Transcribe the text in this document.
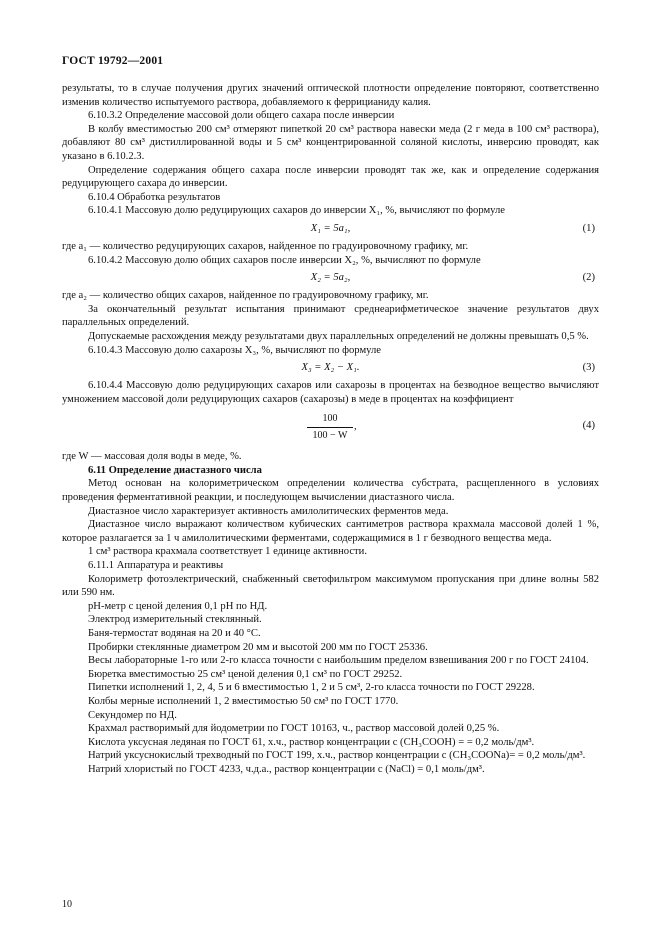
ГОСТ 19792—2001

результаты, то в случае получения других значений оптической плотности определение повторяют, соответственно изменив количество испытуемого раствора, добавляемого к феррицианиду калия.

6.10.3.2 Определение массовой доли общего сахара после инверсии

В колбу вместимостью 200 см³ отмеряют пипеткой 20 см³ раствора навески меда (2 г меда в 100 см³ раствора), добавляют 80 см³ дистиллированной воды и 5 см³ концентрированной соляной кислоты, инверсию проводят, как указано в 6.10.2.3.

Определение содержания общего сахара после инверсии проводят так же, как и определение содержания редуцирующего сахара до инверсии.

6.10.4 Обработка результатов

6.10.4.1 Массовую долю редуцирующих сахаров до инверсии X₁, %, вычисляют по формуле

X₁ = 5a₁,	(1)

где a₁ — количество редуцирующих сахаров, найденное по градуировочному графику, мг.

6.10.4.2 Массовую долю общих сахаров после инверсии X₂, %, вычисляют по формуле

X₂ = 5a₂,	(2)

где a₂ — количество общих сахаров, найденное по градуировочному графику, мг.

За окончательный результат испытания принимают среднеарифметическое значение результатов двух параллельных определений.

Допускаемые расхождения между результатами двух параллельных определений не должны превышать 0,5 %.

6.10.4.3 Массовую долю сахарозы X₃, %, вычисляют по формуле

X₃ = X₂ − X₁.	(3)

6.10.4.4 Массовую долю редуцирующих сахаров или сахарозы в процентах на безводное вещество вычисляют умножением массовой доли редуцирующих сахаров (сахарозы) в меде в процентах на коэффициент

$\frac{100}{100 - W}$ ,	(4)

где W — массовая доля воды в меде, %.

6.11 Определение диастазного числа

Метод основан на колориметрическом определении количества субстрата, расщепленного в условиях проведения ферментативной реакции, и последующем вычислении диастазного числа.

Диастазное число характеризует активность амилолитических ферментов меда.

Диастазное число выражают количеством кубических сантиметров раствора крахмала массовой долей 1 %, которое разлагается за 1 ч амилолитическими ферментами, содержащимися в 1 г безводного вещества меда.

1 см³ раствора крахмала соответствует 1 единице активности.

6.11.1 Аппаратура и реактивы

Колориметр фотоэлектрический, снабженный светофильтром максимумом пропускания при длине волны 582 или 590 нм.

pH-метр с ценой деления 0,1 pH по НД.

Электрод измерительный стеклянный.

Баня-термостат водяная на 20 и 40 °С.

Пробирки стеклянные диаметром 20 мм и высотой 200 мм по ГОСТ 25336.

Весы лабораторные 1-го или 2-го класса точности с наибольшим пределом взвешивания 200 г по ГОСТ 24104.

Бюретка вместимостью 25 см³ ценой деления 0,1 см³ по ГОСТ 29252.

Пипетки исполнений 1, 2, 4, 5 и 6 вместимостью 1, 2 и 5 см³, 2-го класса точности по ГОСТ 29228.

Колбы мерные исполнений 1, 2 вместимостью 50 см³ по ГОСТ 1770.

Секундомер по НД.

Крахмал растворимый для йодометрии по ГОСТ 10163, ч., раствор массовой долей 0,25 %.

Кислота уксусная ледяная по ГОСТ 61, х.ч., раствор концентрации c (CH₃COOH) = = 0,2 моль/дм³.

Натрий уксуснокислый трехводный по ГОСТ 199, х.ч., раствор концентрации c (CH₃COONa)= = 0,2 моль/дм³.

Натрий хлористый по ГОСТ 4233, ч.д.а., раствор концентрации c (NaCl) = 0,1 моль/дм³.

10
